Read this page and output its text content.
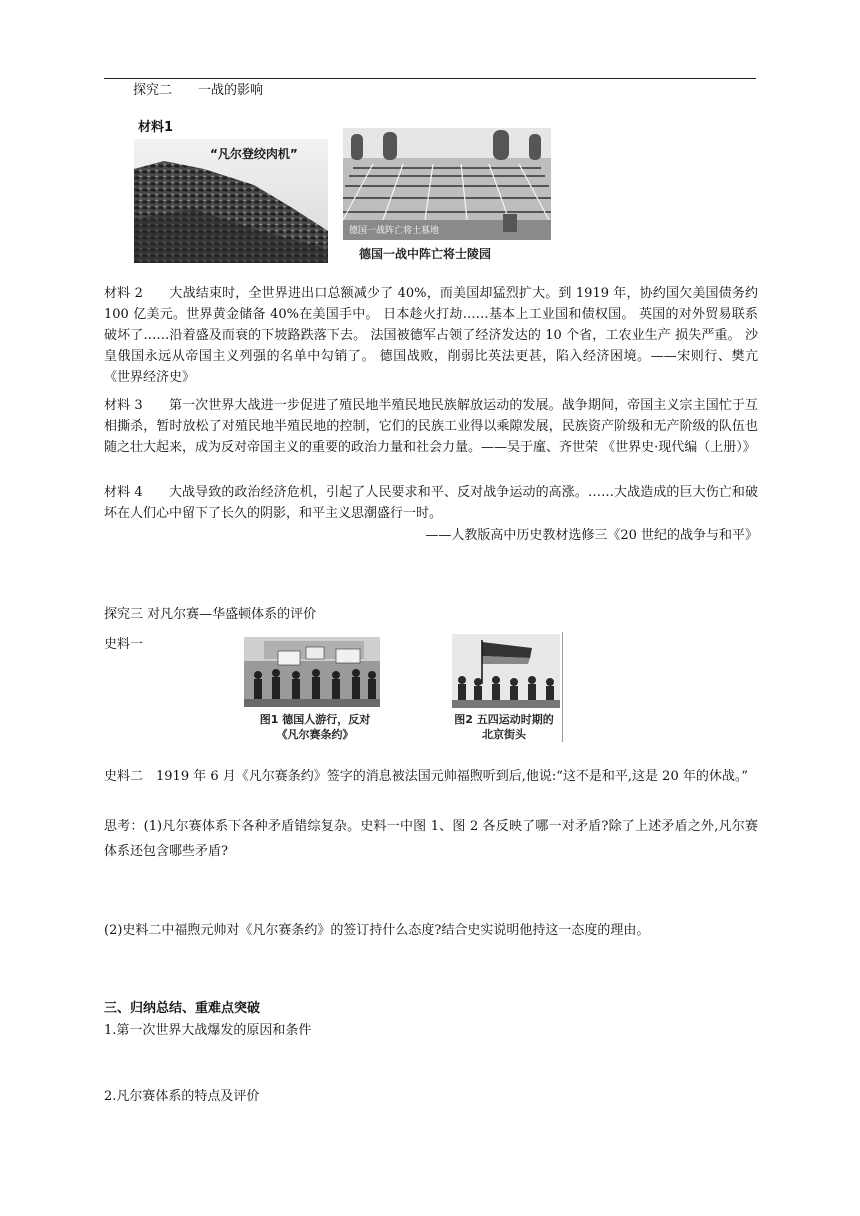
探究二　　一战的影响
材料1
“凡尔登绞肉机”
德国一战阵亡将士墓地
德国一战中阵亡将士陵园
材料 2　　大战结束时，全世界进出口总额减少了 40%，而美国却猛烈扩大。到 1919 年，协约国欠美国债务约 100 亿美元。世界黄金储备 40%在美国手中。 日本趁火打劫……基本上工业国和债权国。 英国的对外贸易联系破坏了……沿着盛及而衰的下坡路跌落下去。 法国被德军占领了经济发达的 10 个省，工农业生产 损失严重。 沙皇俄国永远从帝国主义列强的名单中勾销了。 德国战败，削弱比英法更甚，陷入经济困境。——宋则行、樊亢《世界经济史》
材料 3　　第一次世界大战进一步促进了殖民地半殖民地民族解放运动的发展。战争期间，帝国主义宗主国忙于互相撕杀，暂时放松了对殖民地半殖民地的控制，它们的民族工业得以乘隙发展，民族资产阶级和无产阶级的队伍也随之壮大起来，成为反对帝国主义的重要的政治力量和社会力量。——吴于廑、齐世荣 《世界史·现代编（上册）》
材料 4　　大战导致的政治经济危机，引起了人民要求和平、反对战争运动的高涨。……大战造成的巨大伤亡和破坏在人们心中留下了长久的阴影，和平主义思潮盛行一时。
——人教版高中历史教材选修三《20 世纪的战争与和平》
探究三 对凡尔赛—华盛顿体系的评价
史料一
图1 德国人游行，反对
《凡尔赛条约》
图2 五四运动时期的
北京街头
史料二　1919 年 6 月《凡尔赛条约》签字的消息被法国元帅福煦听到后,他说:“这不是和平,这是 20 年的休战。”
思考：(1)凡尔赛体系下各种矛盾错综复杂。史料一中图 1、图 2 各反映了哪一对矛盾?除了上述矛盾之外,凡尔赛体系还包含哪些矛盾?
(2)史料二中福煦元帅对《凡尔赛条约》的签订持什么态度?结合史实说明他持这一态度的理由。
三、归纳总结、重难点突破
1.第一次世界大战爆发的原因和条件
2.凡尔赛体系的特点及评价
